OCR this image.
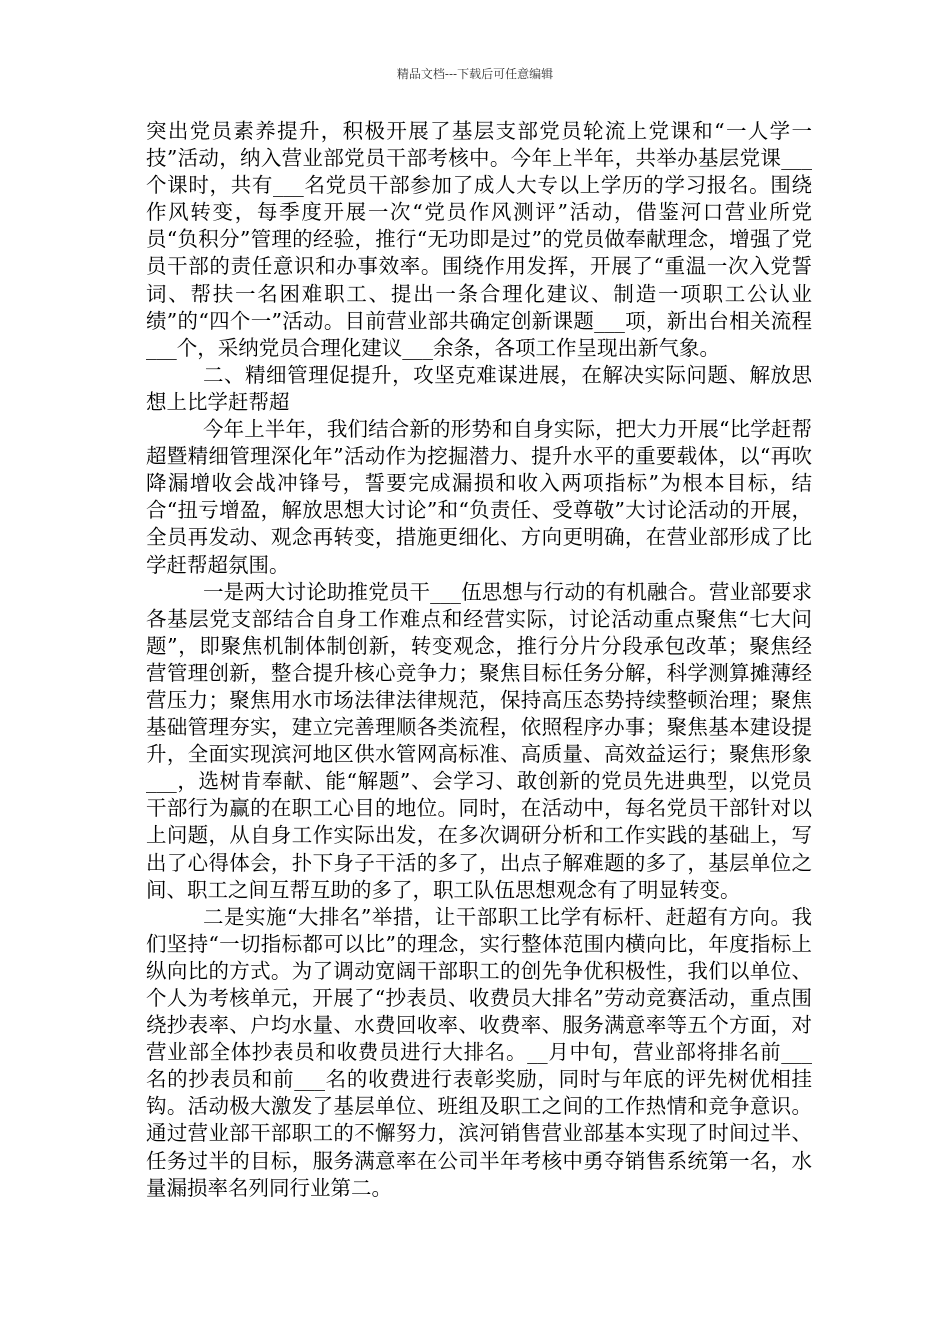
精品文档---下载后可任意编辑

突出党员素养提升，积极开展了基层支部党员轮流上党课和“一人学一技”活动，纳入营业部党员干部考核中。今年上半年，共举办基层党课___个课时，共有___名党员干部参加了成人大专以上学历的学习报名。围绕作风转变，每季度开展一次“党员作风测评”活动，借鉴河口营业所党员“负积分”管理的经验，推行“无功即是过”的党员做奉献理念，增强了党员干部的责任意识和办事效率。围绕作用发挥，开展了“重温一次入党誓词、帮扶一名困难职工、提出一条合理化建议、制造一项职工公认业绩”的“四个一”活动。目前营业部共确定创新课题___项，新出台相关流程___个，采纳党员合理化建议___余条，各项工作呈现出新气象。

二、精细管理促提升，攻坚克难谋进展，在解决实际问题、解放思想上比学赶帮超

今年上半年，我们结合新的形势和自身实际，把大力开展“比学赶帮超暨精细管理深化年”活动作为挖掘潜力、提升水平的重要载体，以“再吹降漏增收会战冲锋号，誓要完成漏损和收入两项指标”为根本目标，结合“扭亏增盈，解放思想大讨论”和“负责任、受尊敬”大讨论活动的开展，全员再发动、观念再转变，措施更细化、方向更明确，在营业部形成了比学赶帮超氛围。

一是两大讨论助推党员干___伍思想与行动的有机融合。营业部要求各基层党支部结合自身工作难点和经营实际，讨论活动重点聚焦“七大问题”，即聚焦机制体制创新，转变观念，推行分片分段承包改革；聚焦经营管理创新，整合提升核心竞争力；聚焦目标任务分解，科学测算摊薄经营压力；聚焦用水市场法律法律规范，保持高压态势持续整顿治理；聚焦基础管理夯实，建立完善理顺各类流程，依照程序办事；聚焦基本建设提升，全面实现滨河地区供水管网高标准、高质量、高效益运行；聚焦形象___，选树肯奉献、能“解题”、会学习、敢创新的党员先进典型，以党员干部行为赢的在职工心目的地位。同时，在活动中，每名党员干部针对以上问题，从自身工作实际出发，在多次调研分析和工作实践的基础上，写出了心得体会，扑下身子干活的多了，出点子解难题的多了，基层单位之间、职工之间互帮互助的多了，职工队伍思想观念有了明显转变。

二是实施“大排名”举措，让干部职工比学有标杆、赶超有方向。我们坚持“一切指标都可以比”的理念，实行整体范围内横向比，年度指标上纵向比的方式。为了调动宽阔干部职工的创先争优积极性，我们以单位、个人为考核单元，开展了“抄表员、收费员大排名”劳动竞赛活动，重点围绕抄表率、户均水量、水费回收率、收费率、服务满意率等五个方面，对营业部全体抄表员和收费员进行大排名。__月中旬，营业部将排名前___名的抄表员和前___名的收费进行表彰奖励，同时与年底的评先树优相挂钩。活动极大激发了基层单位、班组及职工之间的工作热情和竞争意识。通过营业部干部职工的不懈努力，滨河销售营业部基本实现了时间过半、任务过半的目标，服务满意率在公司半年考核中勇夺销售系统第一名，水量漏损率名列同行业第二。
